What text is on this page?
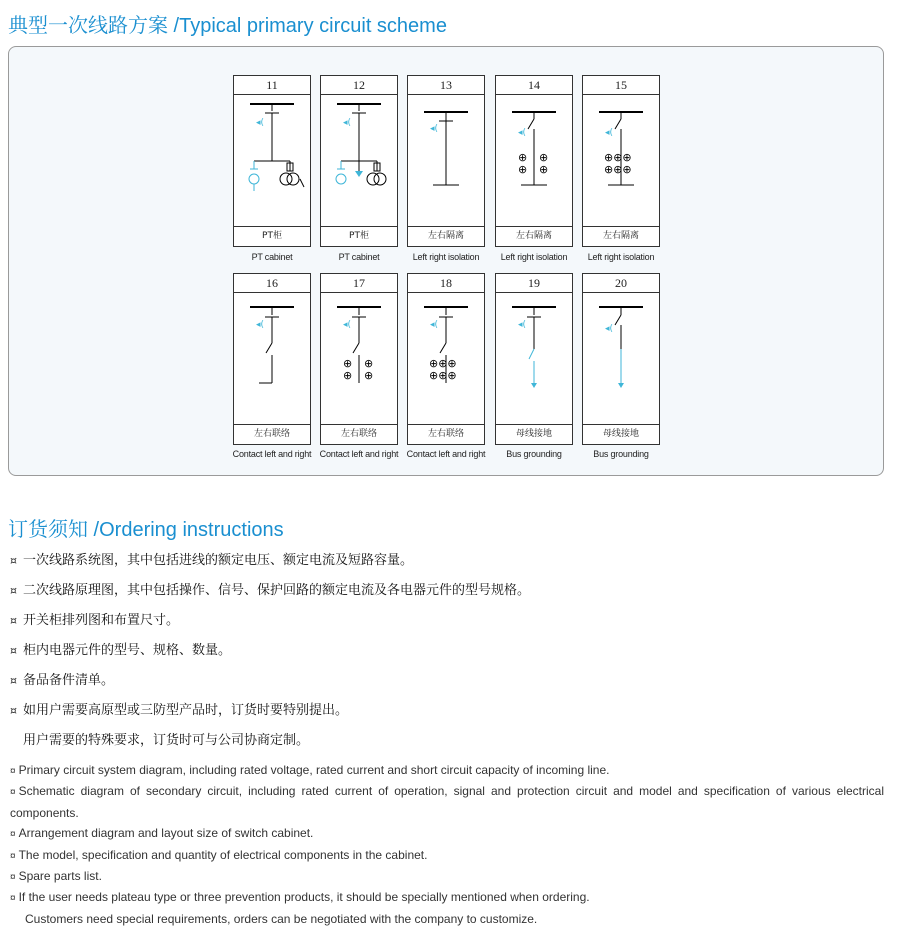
典型一次线路方案 /Typical primary circuit scheme
11
◂(
PT柜
12
◂(
PT柜
13
◂(
左右隔离
14
◂(
⊕
⊕
⊕
⊕
左右隔离
15
◂(
⊕⊕⊕
⊕⊕⊕
左右隔离
PT cabinet	PT cabinet	Left right isolation	Left right isolation	Left right isolation
16
◂(
左右联络
17
◂(
⊕
⊕
⊕
⊕
左右联络
18
◂(
⊕⊕⊕
⊕⊕⊕
左右联络
19
◂(
母线接地
20
◂(
母线接地
Contact left and right Contact left and right Contact left and right	Bus grounding	Bus grounding
订货须知 /Ordering instructions
¤ 一次线路系统图，其中包括进线的额定电压、额定电流及短路容量。
¤ 二次线路原理图，其中包括操作、信号、保护回路的额定电流及各电器元件的型号规格。
¤ 开关柜排列图和布置尺寸。
¤ 柜内电器元件的型号、规格、数量。
¤ 备品备件清单。
¤ 如用户需要高原型或三防型产品时，订货时要特别提出。
用户需要的特殊要求，订货时可与公司协商定制。
¤ Primary circuit system diagram, including rated voltage, rated current and short circuit capacity of incoming line.
¤ Schematic diagram of secondary circuit, including rated current of operation, signal and protection circuit and model and specification of various electrical components.
¤ Arrangement diagram and layout size of switch cabinet.
¤ The model, specification and quantity of electrical components in the cabinet.
¤ Spare parts list.
¤ If the user needs plateau type or three prevention products, it should be specially mentioned when ordering.
Customers need special requirements, orders can be negotiated with the company to customize.
